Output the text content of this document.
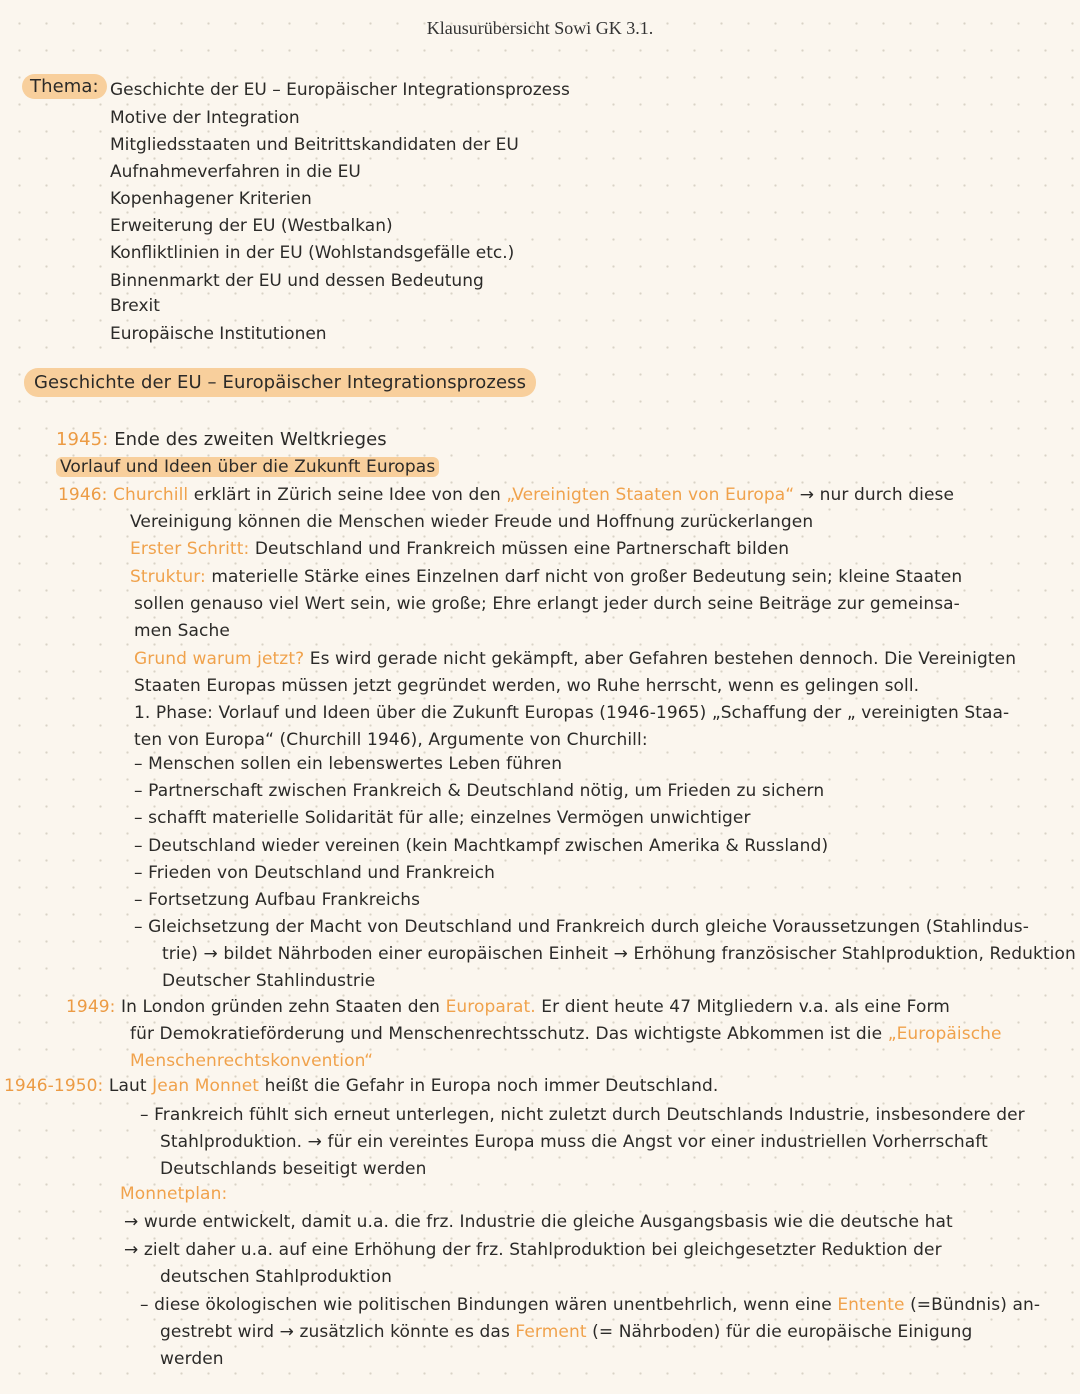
Klausurübersicht Sowi GK 3.1.
Thema: Geschichte der EU – Europäischer Integrationsprozess
Motive der Integration
Mitgliedsstaaten und Beitrittskandidaten der EU
Aufnahmeverfahren in die EU
Kopenhagener Kriterien
Erweiterung der EU (Westbalkan)
Konfliktlinien in der EU (Wohlstandsgefälle etc.)
Binnenmarkt der EU und dessen Bedeutung
Brexit
Europäische Institutionen
Geschichte der EU – Europäischer Integrationsprozess
1945: Ende des zweiten Weltkrieges
Vorlauf und Ideen über die Zukunft Europas
1946: Churchill erklärt in Zürich seine Idee von den „Vereinigten Staaten von Europa“ → nur durch diese
Vereinigung können die Menschen wieder Freude und Hoffnung zurückerlangen
Erster Schritt: Deutschland und Frankreich müssen eine Partnerschaft bilden
Struktur: materielle Stärke eines Einzelnen darf nicht von großer Bedeutung sein; kleine Staaten
sollen genauso viel Wert sein, wie große; Ehre erlangt jeder durch seine Beiträge zur gemeinsa-
men Sache
Grund warum jetzt? Es wird gerade nicht gekämpft, aber Gefahren bestehen dennoch. Die Vereinigten
Staaten Europas müssen jetzt gegründet werden, wo Ruhe herrscht, wenn es gelingen soll.
1. Phase: Vorlauf und Ideen über die Zukunft Europas (1946-1965) „Schaffung der „ vereinigten Staa-
ten von Europa“ (Churchill 1946), Argumente von Churchill:
– Menschen sollen ein lebenswertes Leben führen
– Partnerschaft zwischen Frankreich & Deutschland nötig, um Frieden zu sichern
– schafft materielle Solidarität für alle; einzelnes Vermögen unwichtiger
– Deutschland wieder vereinen (kein Machtkampf zwischen Amerika & Russland)
– Frieden von Deutschland und Frankreich
– Fortsetzung Aufbau Frankreichs
– Gleichsetzung der Macht von Deutschland und Frankreich durch gleiche Voraussetzungen (Stahlindus-
trie) → bildet Nährboden einer europäischen Einheit → Erhöhung französischer Stahlproduktion, Reduktion
Deutscher Stahlindustrie
1949: In London gründen zehn Staaten den Europarat. Er dient heute 47 Mitgliedern v.a. als eine Form
für Demokratieförderung und Menschenrechtsschutz. Das wichtigste Abkommen ist die „Europäische
Menschenrechtskonvention“
1946-1950: Laut Jean Monnet heißt die Gefahr in Europa noch immer Deutschland.
– Frankreich fühlt sich erneut unterlegen, nicht zuletzt durch Deutschlands Industrie, insbesondere der
Stahlproduktion. → für ein vereintes Europa muss die Angst vor einer industriellen Vorherrschaft
Deutschlands beseitigt werden
Monnetplan:
→ wurde entwickelt, damit u.a. die frz. Industrie die gleiche Ausgangsbasis wie die deutsche hat
→ zielt daher u.a. auf eine Erhöhung der frz. Stahlproduktion bei gleichgesetzter Reduktion der
deutschen Stahlproduktion
– diese ökologischen wie politischen Bindungen wären unentbehrlich, wenn eine Entente (=Bündnis) an-
gestrebt wird → zusätzlich könnte es das Ferment (= Nährboden) für die europäische Einigung
werden
